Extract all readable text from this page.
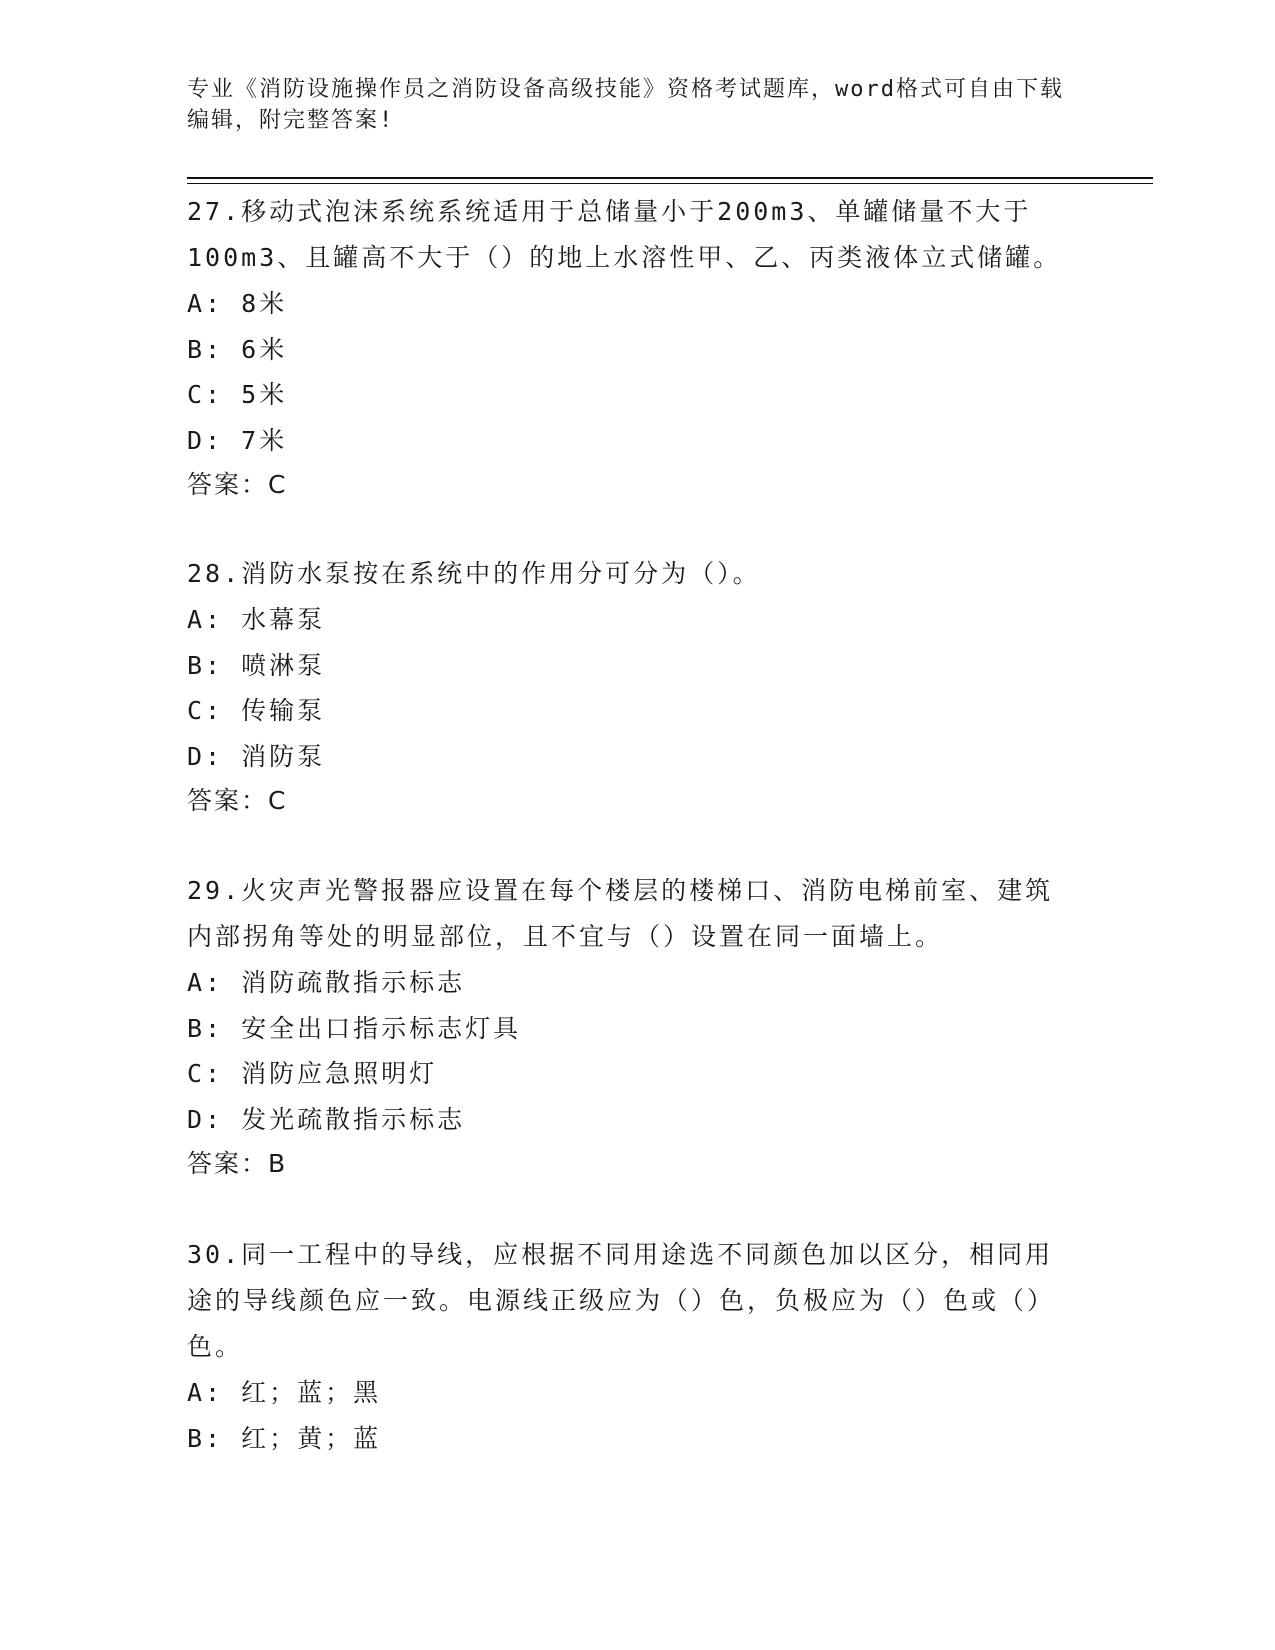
专业《消防设施操作员之消防设备高级技能》资格考试题库，word格式可自由下载编辑，附完整答案!
27.移动式泡沫系统系统适用于总储量小于200m3、单罐储量不大于100m3、且罐高不大于（）的地上水溶性甲、乙、丙类液体立式储罐。
A: 8米
B: 6米
C: 5米
D: 7米
答案：C
28.消防水泵按在系统中的作用分可分为（）。
A: 水幕泵
B: 喷淋泵
C: 传输泵
D: 消防泵
答案：C
29.火灾声光警报器应设置在每个楼层的楼梯口、消防电梯前室、建筑内部拐角等处的明显部位，且不宜与（）设置在同一面墙上。
A: 消防疏散指示标志
B: 安全出口指示标志灯具
C: 消防应急照明灯
D: 发光疏散指示标志
答案：B
30.同一工程中的导线，应根据不同用途选不同颜色加以区分，相同用途的导线颜色应一致。电源线正级应为（）色，负极应为（）色或（）色。
A: 红；蓝；黑
B: 红；黄；蓝
